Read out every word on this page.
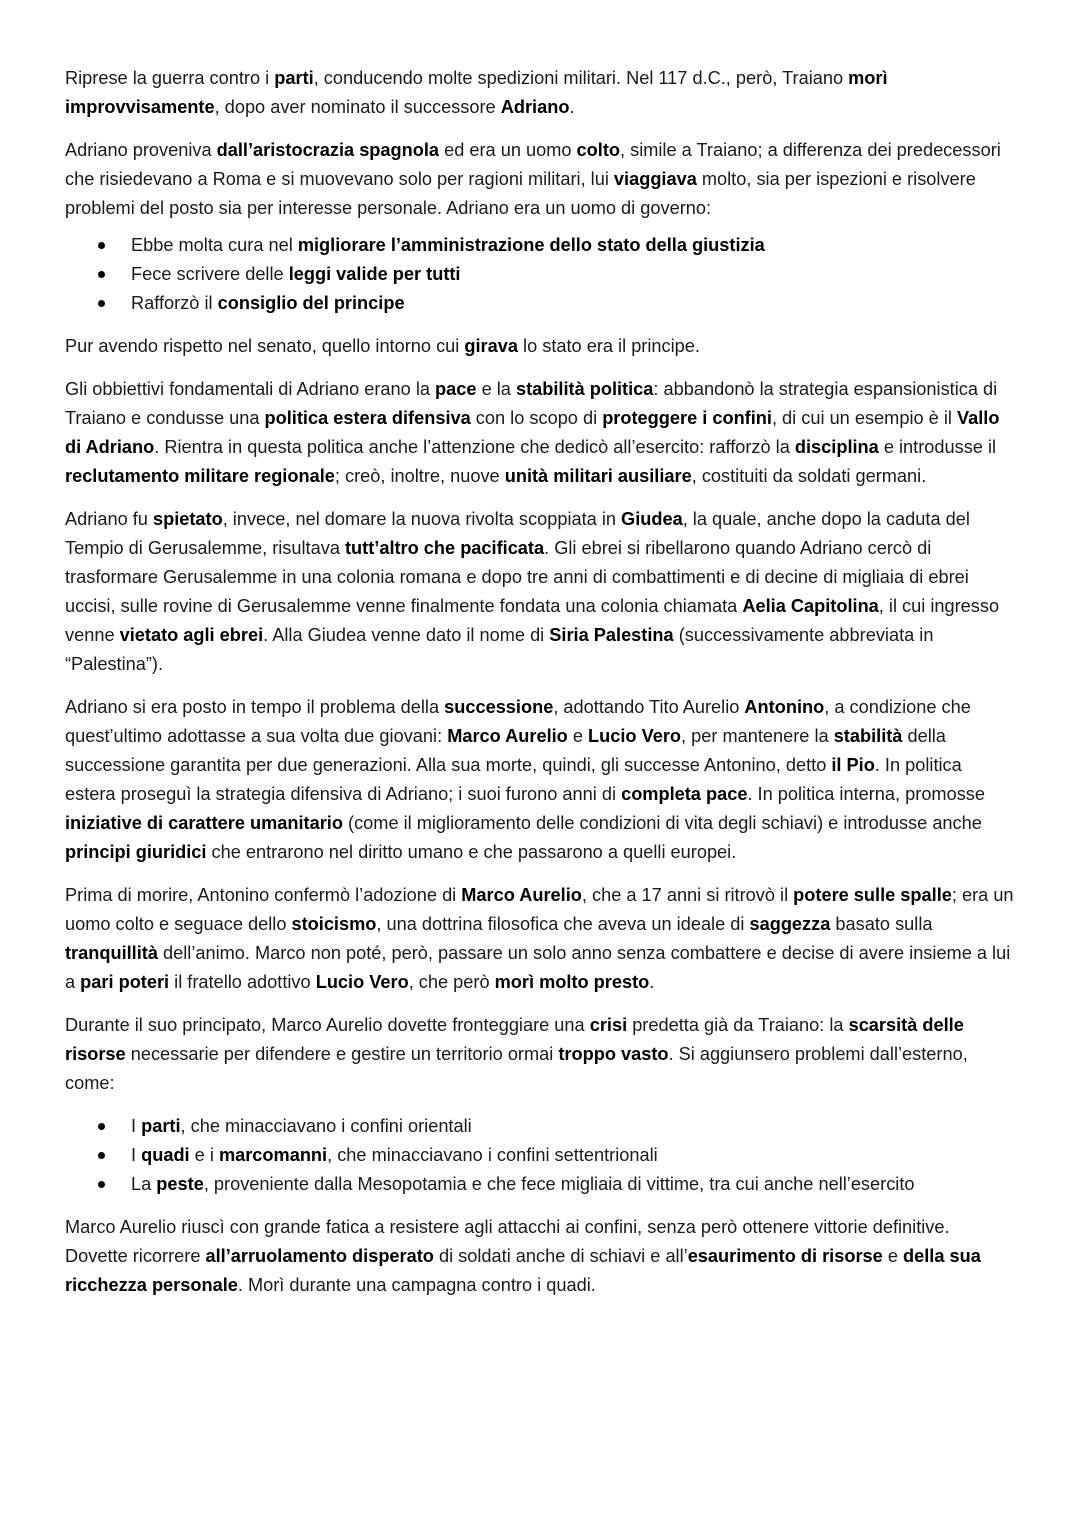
Riprese la guerra contro i parti, conducendo molte spedizioni militari. Nel 117 d.C., però, Traiano morì improvvisamente, dopo aver nominato il successore Adriano.

Adriano proveniva dall’aristocrazia spagnola ed era un uomo colto, simile a Traiano; a differenza dei predecessori che risiedevano a Roma e si muovevano solo per ragioni militari, lui viaggiava molto, sia per ispezioni e risolvere problemi del posto sia per interesse personale. Adriano era un uomo di governo:

Ebbe molta cura nel migliorare l’amministrazione dello stato della giustizia
Fece scrivere delle leggi valide per tutti
Rafforzò il consiglio del principe

Pur avendo rispetto nel senato, quello intorno cui girava lo stato era il principe.

Gli obbiettivi fondamentali di Adriano erano la pace e la stabilità politica: abbandonò la strategia espansionistica di Traiano e condusse una politica estera difensiva con lo scopo di proteggere i confini, di cui un esempio è il Vallo di Adriano. Rientra in questa politica anche l’attenzione che dedicò all’esercito: rafforzò la disciplina e introdusse il reclutamento militare regionale; creò, inoltre, nuove unità militari ausiliare, costituiti da soldati germani.

Adriano fu spietato, invece, nel domare la nuova rivolta scoppiata in Giudea, la quale, anche dopo la caduta del Tempio di Gerusalemme, risultava tutt’altro che pacificata. Gli ebrei si ribellarono quando Adriano cercò di trasformare Gerusalemme in una colonia romana e dopo tre anni di combattimenti e di decine di migliaia di ebrei uccisi, sulle rovine di Gerusalemme venne finalmente fondata una colonia chiamata Aelia Capitolina, il cui ingresso venne vietato agli ebrei. Alla Giudea venne dato il nome di Siria Palestina (successivamente abbreviata in “Palestina”).

Adriano si era posto in tempo il problema della successione, adottando Tito Aurelio Antonino, a condizione che quest’ultimo adottasse a sua volta due giovani: Marco Aurelio e Lucio Vero, per mantenere la stabilità della successione garantita per due generazioni. Alla sua morte, quindi, gli successe Antonino, detto il Pio. In politica estera proseguì la strategia difensiva di Adriano; i suoi furono anni di completa pace. In politica interna, promosse iniziative di carattere umanitario (come il miglioramento delle condizioni di vita degli schiavi) e introdusse anche principi giuridici che entrarono nel diritto umano e che passarono a quelli europei.

Prima di morire, Antonino confermò l’adozione di Marco Aurelio, che a 17 anni si ritrovò il potere sulle spalle; era un uomo colto e seguace dello stoicismo, una dottrina filosofica che aveva un ideale di saggezza basato sulla tranquillità dell’animo. Marco non poté, però, passare un solo anno senza combattere e decise di avere insieme a lui a pari poteri il fratello adottivo Lucio Vero, che però morì molto presto.

Durante il suo principato, Marco Aurelio dovette fronteggiare una crisi predetta già da Traiano: la scarsità delle risorse necessarie per difendere e gestire un territorio ormai troppo vasto. Si aggiunsero problemi dall’esterno, come:

I parti, che minacciavano i confini orientali
I quadi e i marcomanni, che minacciavano i confini settentrionali
La peste, proveniente dalla Mesopotamia e che fece migliaia di vittime, tra cui anche nell’esercito

Marco Aurelio riuscì con grande fatica a resistere agli attacchi ai confini, senza però ottenere vittorie definitive. Dovette ricorrere all’arruolamento disperato di soldati anche di schiavi e all’esaurimento di risorse e della sua ricchezza personale. Morì durante una campagna contro i quadi.
